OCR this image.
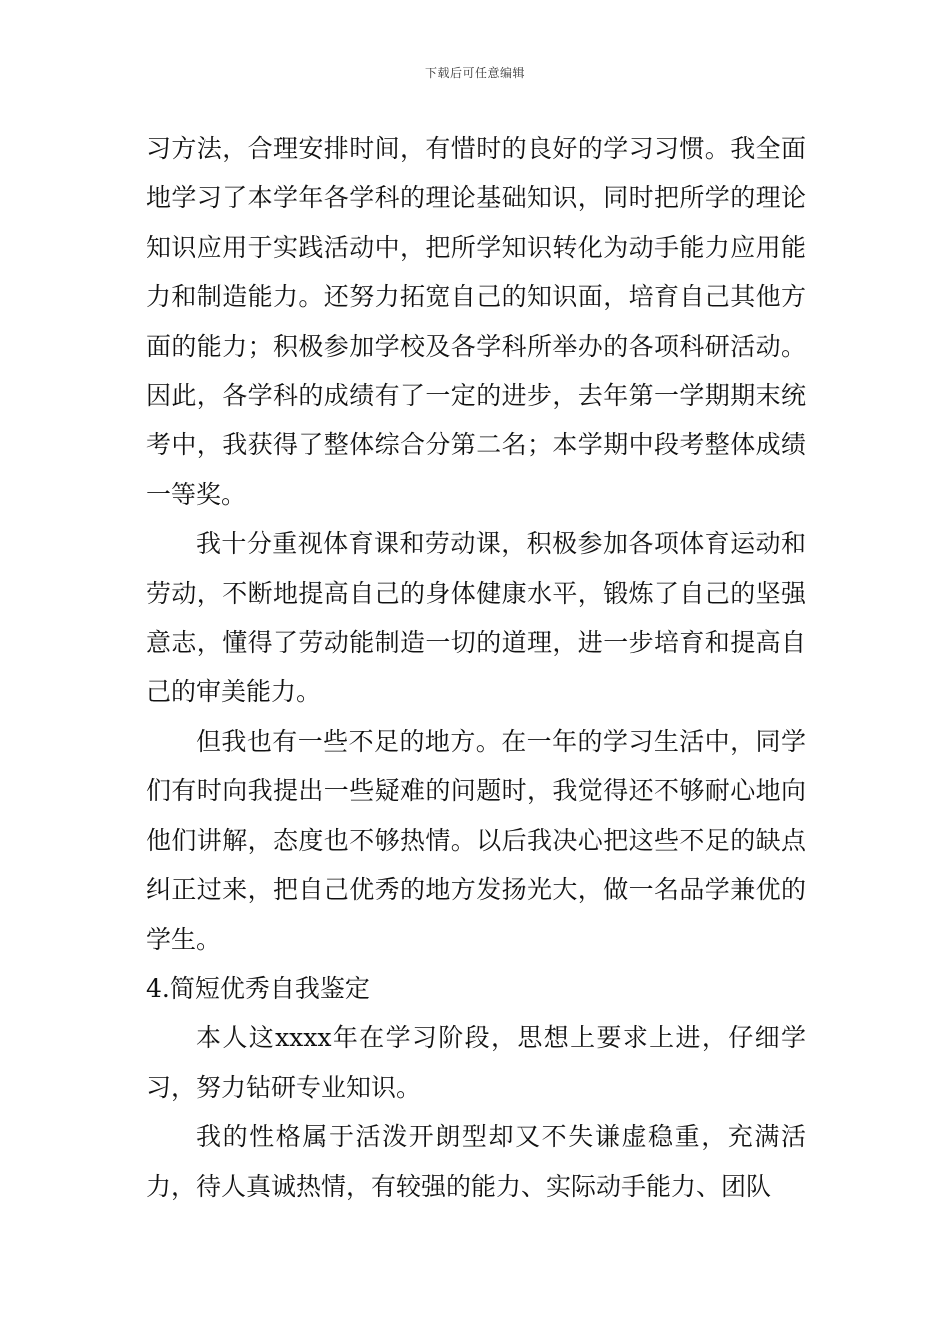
下载后可任意编辑

习方法，合理安排时间，有惜时的良好的学习习惯。我全面地学习了本学年各学科的理论基础知识，同时把所学的理论知识应用于实践活动中，把所学知识转化为动手能力应用能力和制造能力。还努力拓宽自己的知识面，培育自己其他方面的能力；积极参加学校及各学科所举办的各项科研活动。因此，各学科的成绩有了一定的进步，去年第一学期期末统考中，我获得了整体综合分第二名；本学期中段考整体成绩一等奖。

我十分重视体育课和劳动课，积极参加各项体育运动和劳动，不断地提高自己的身体健康水平，锻炼了自己的坚强意志，懂得了劳动能制造一切的道理，进一步培育和提高自己的审美能力。

但我也有一些不足的地方。在一年的学习生活中，同学们有时向我提出一些疑难的问题时，我觉得还不够耐心地向他们讲解，态度也不够热情。以后我决心把这些不足的缺点纠正过来，把自己优秀的地方发扬光大，做一名品学兼优的学生。

4.简短优秀自我鉴定

本人这xxxx年在学习阶段，思想上要求上进，仔细学习，努力钻研专业知识。

我的性格属于活泼开朗型却又不失谦虚稳重，充满活力，待人真诚热情，有较强的能力、实际动手能力、团队
